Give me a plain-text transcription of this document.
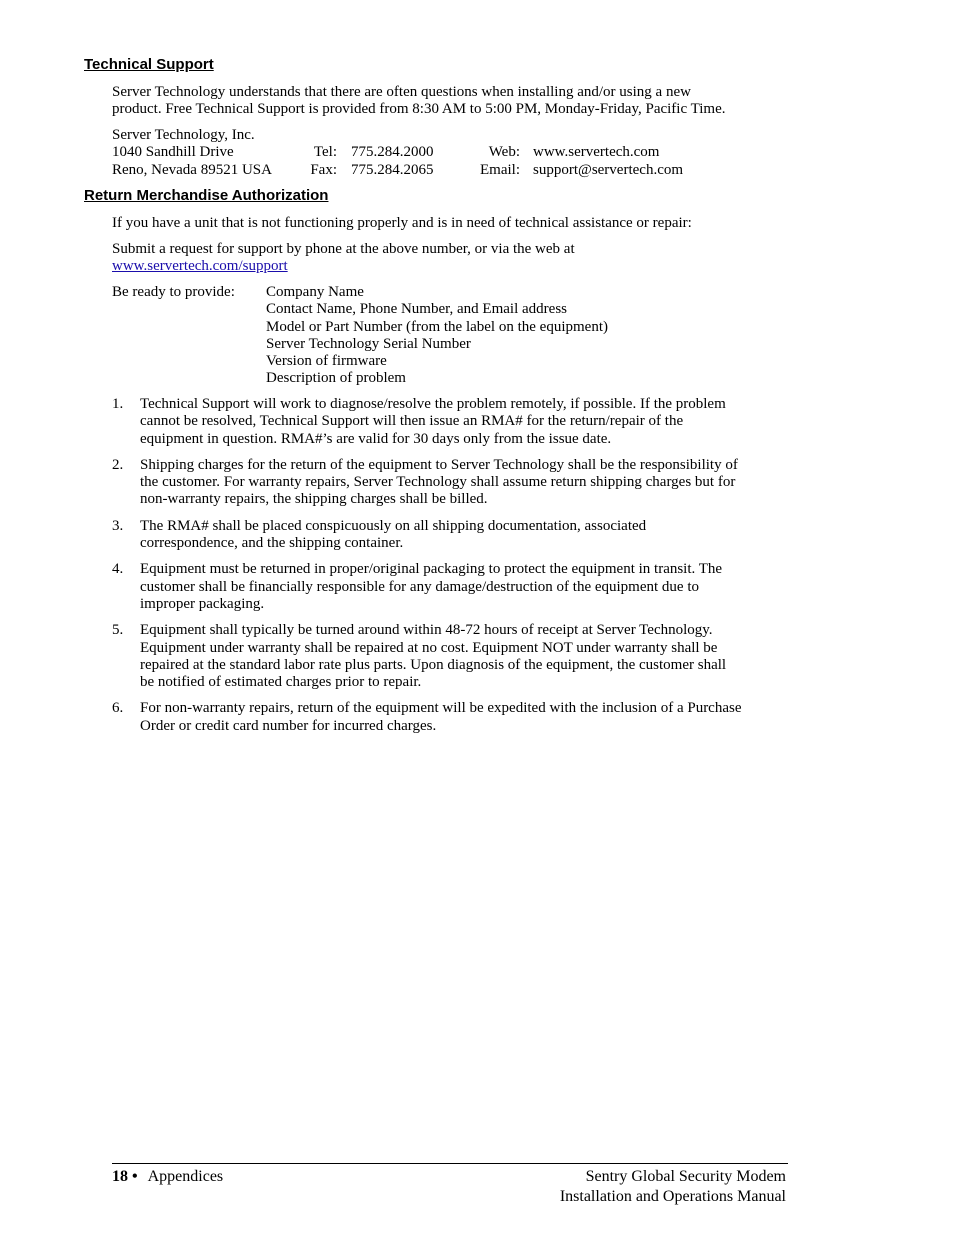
Technical Support
Server Technology understands that there are often questions when installing and/or using a new product. Free Technical Support is provided from 8:30 AM to 5:00 PM, Monday-Friday, Pacific Time.
Server Technology, Inc.
1040 Sandhill Drive	Tel: 775.284.2000	Web: www.servertech.com
Reno, Nevada 89521 USA	Fax: 775.284.2065	Email: support@servertech.com
Return Merchandise Authorization
If you have a unit that is not functioning properly and is in need of technical assistance or repair:
Submit a request for support by phone at the above number, or via the web at
www.servertech.com/support
Be ready to provide: Company Name
Contact Name, Phone Number, and Email address
Model or Part Number (from the label on the equipment)
Server Technology Serial Number
Version of firmware
Description of problem
1. Technical Support will work to diagnose/resolve the problem remotely, if possible. If the problem cannot be resolved, Technical Support will then issue an RMA# for the return/repair of the equipment in question. RMA#’s are valid for 30 days only from the issue date.
2. Shipping charges for the return of the equipment to Server Technology shall be the responsibility of the customer. For warranty repairs, Server Technology shall assume return shipping charges but for non-warranty repairs, the shipping charges shall be billed.
3. The RMA# shall be placed conspicuously on all shipping documentation, associated correspondence, and the shipping container.
4. Equipment must be returned in proper/original packaging to protect the equipment in transit. The customer shall be financially responsible for any damage/destruction of the equipment due to improper packaging.
5. Equipment shall typically be turned around within 48-72 hours of receipt at Server Technology. Equipment under warranty shall be repaired at no cost. Equipment NOT under warranty shall be repaired at the standard labor rate plus parts. Upon diagnosis of the equipment, the customer shall be notified of estimated charges prior to repair.
6. For non-warranty repairs, return of the equipment will be expedited with the inclusion of a Purchase Order or credit card number for incurred charges.
18 • Appendices	Sentry Global Security Modem
Installation and Operations Manual
